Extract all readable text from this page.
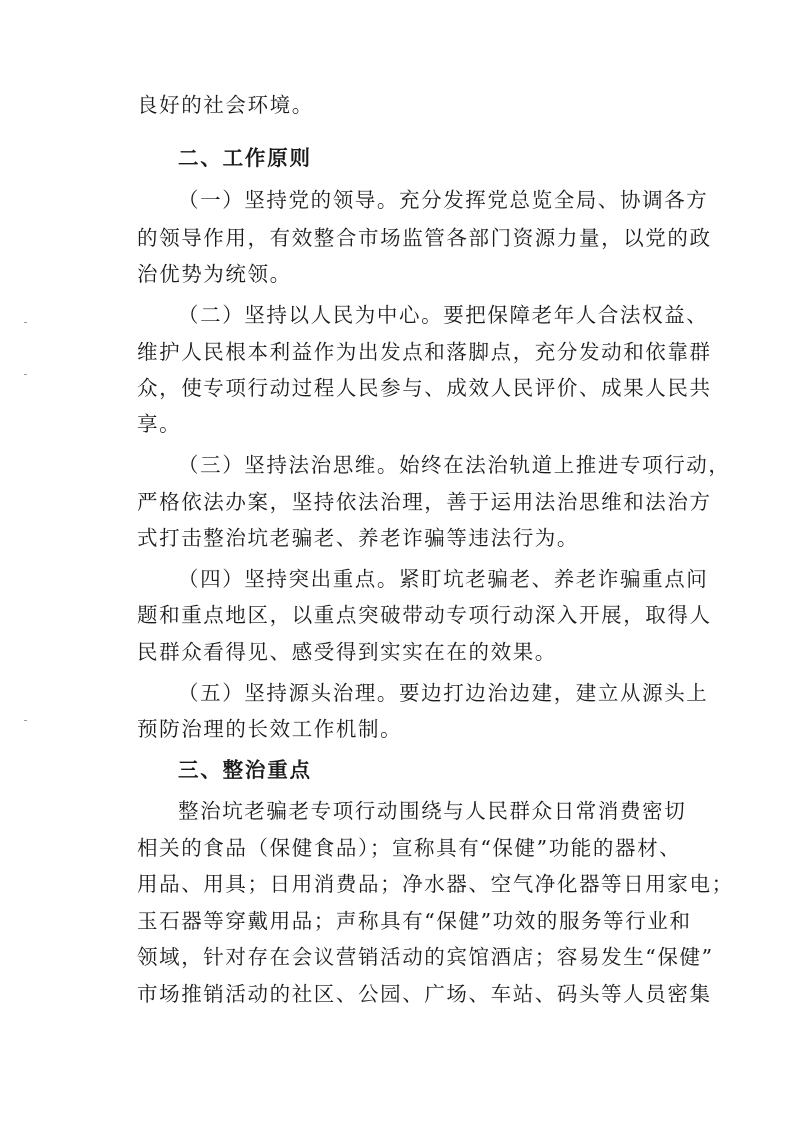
良好的社会环境。
二、工作原则
（一）坚持党的领导。充分发挥党总览全局、协调各方
的领导作用，有效整合市场监管各部门资源力量，以党的政
治优势为统领。
（二）坚持以人民为中心。要把保障老年人合法权益、
维护人民根本利益作为出发点和落脚点，充分发动和依靠群
众，使专项行动过程人民参与、成效人民评价、成果人民共
享。
（三）坚持法治思维。始终在法治轨道上推进专项行动，
严格依法办案，坚持依法治理，善于运用法治思维和法治方
式打击整治坑老骗老、养老诈骗等违法行为。
（四）坚持突出重点。紧盯坑老骗老、养老诈骗重点问
题和重点地区，以重点突破带动专项行动深入开展，取得人
民群众看得见、感受得到实实在在的效果。
（五）坚持源头治理。要边打边治边建，建立从源头上
预防治理的长效工作机制。
三、整治重点
整治坑老骗老专项行动围绕与人民群众日常消费密切
相关的食品（保健食品）；宣称具有“保健”功能的器材、
用品、用具；日用消费品；净水器、空气净化器等日用家电；
玉石器等穿戴用品；声称具有“保健”功效的服务等行业和
领域，针对存在会议营销活动的宾馆酒店；容易发生“保健”
市场推销活动的社区、公园、广场、车站、码头等人员密集
